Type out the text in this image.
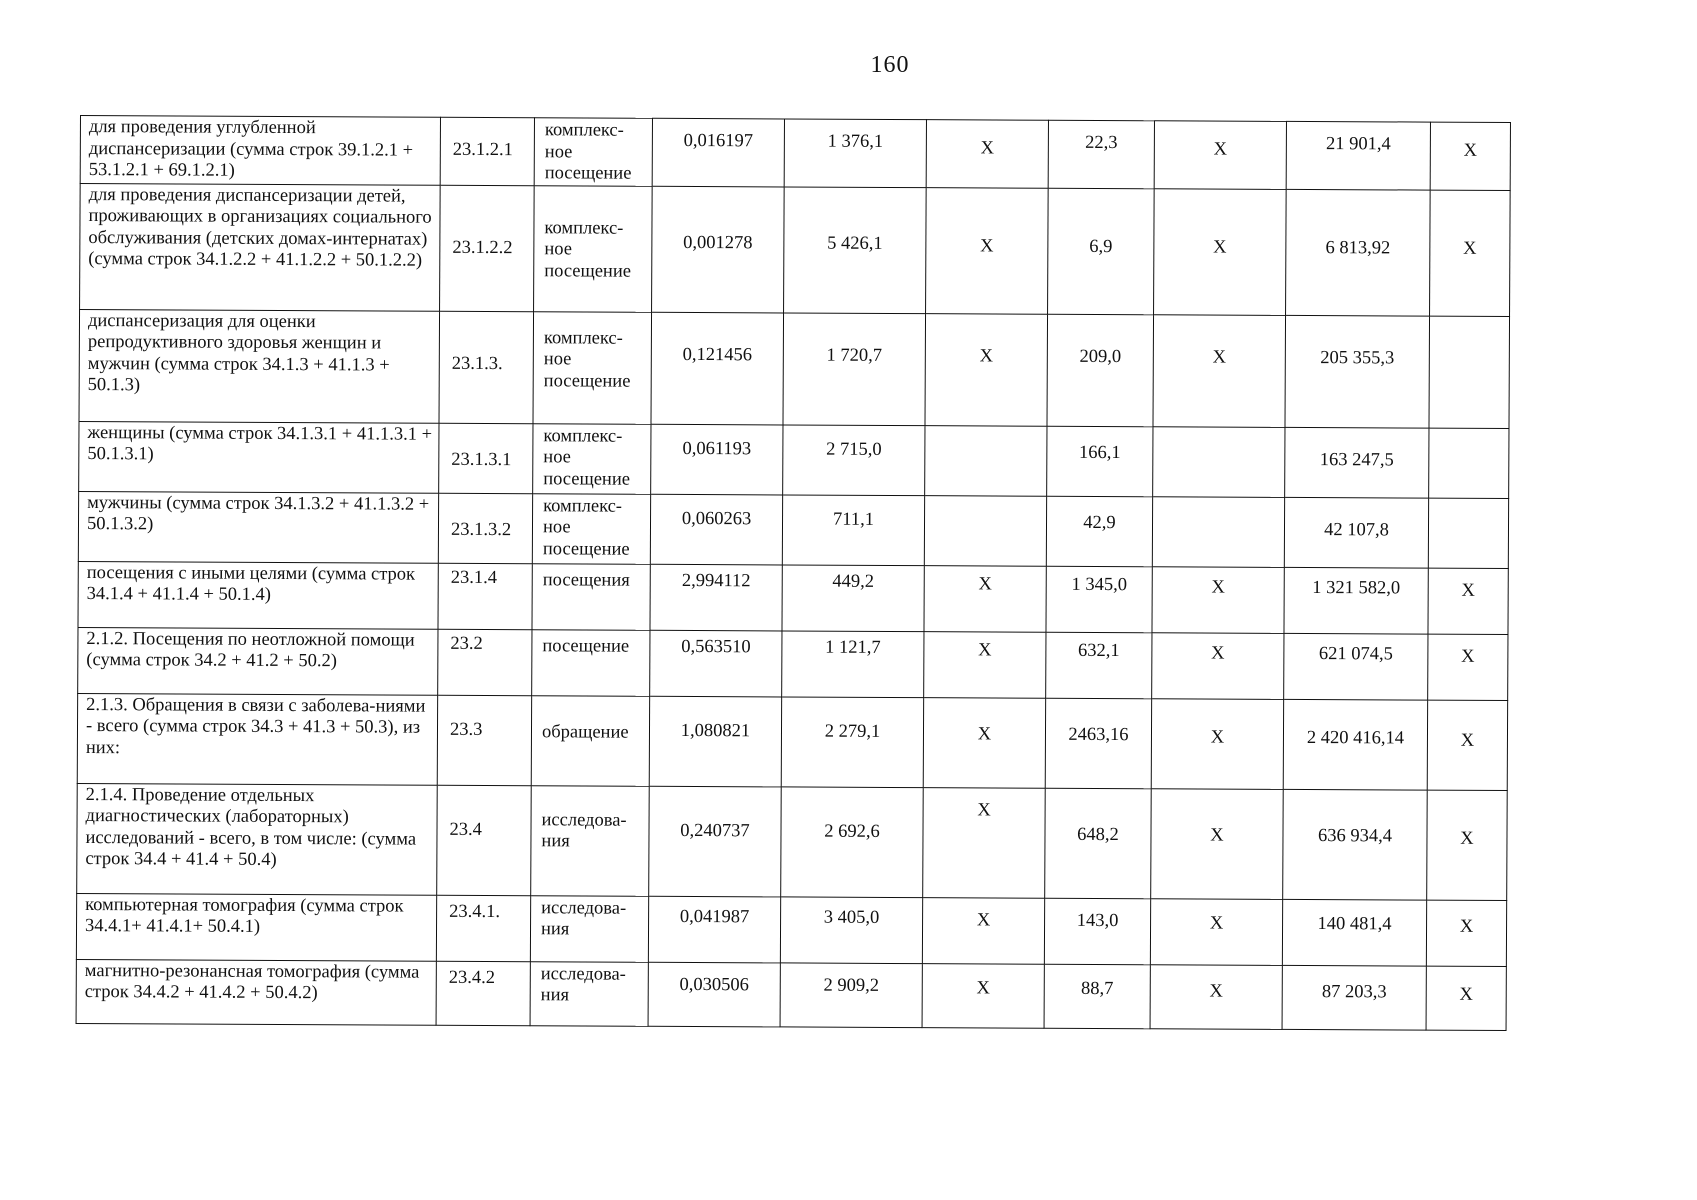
160
для проведения углубленной диспансеризации (сумма строк 39.1.2.1 + 53.1.2.1 + 69.1.2.1)	23.1.2.1	комплекс-ное посещение	0,016197	1 376,1	X	22,3	X	21 901,4	X
для проведения диспансеризации детей, проживающих в организациях социального обслуживания (детских домах-интернатах) (сумма строк 34.1.2.2 + 41.1.2.2 + 50.1.2.2)	23.1.2.2	комплекс-ное посещение	0,001278	5 426,1	X	6,9	X	6 813,92	X
диспансеризация для оценки репродуктивного здоровья женщин и мужчин (сумма строк 34.1.3 + 41.1.3 + 50.1.3)	23.1.3.	комплекс-ное посещение	0,121456	1 720,7	X	209,0	X	205 355,3	
женщины (сумма строк 34.1.3.1 + 41.1.3.1 + 50.1.3.1)	23.1.3.1	комплекс-ное посещение	0,061193	2 715,0		166,1		163 247,5	
мужчины (сумма строк 34.1.3.2 + 41.1.3.2 + 50.1.3.2)	23.1.3.2	комплекс-ное посещение	0,060263	711,1		42,9		42 107,8	
посещения с иными целями (сумма строк 34.1.4 + 41.1.4 + 50.1.4)	23.1.4	посещения	2,994112	449,2	X	1 345,0	X	1 321 582,0	X
2.1.2. Посещения по неотложной помощи (сумма строк 34.2 + 41.2 + 50.2)	23.2	посещение	0,563510	1 121,7	X	632,1	X	621 074,5	X
2.1.3. Обращения в связи с заболева-ниями - всего (сумма строк 34.3 + 41.3 + 50.3), из них:	23.3	обращение	1,080821	2 279,1	X	2463,16	X	2 420 416,14	X
2.1.4. Проведение отдельных диагностических (лабораторных) исследований - всего, в том числе: (сумма строк 34.4 + 41.4 + 50.4)	23.4	исследова-ния	0,240737	2 692,6	X	648,2	X	636 934,4	X
компьютерная томография (сумма строк 34.4.1+ 41.4.1+ 50.4.1)	23.4.1.	исследова-ния	0,041987	3 405,0	X	143,0	X	140 481,4	X
магнитно-резонансная томография (сумма строк 34.4.2 + 41.4.2 + 50.4.2)	23.4.2	исследова-ния	0,030506	2 909,2	X	88,7	X	87 203,3	X
